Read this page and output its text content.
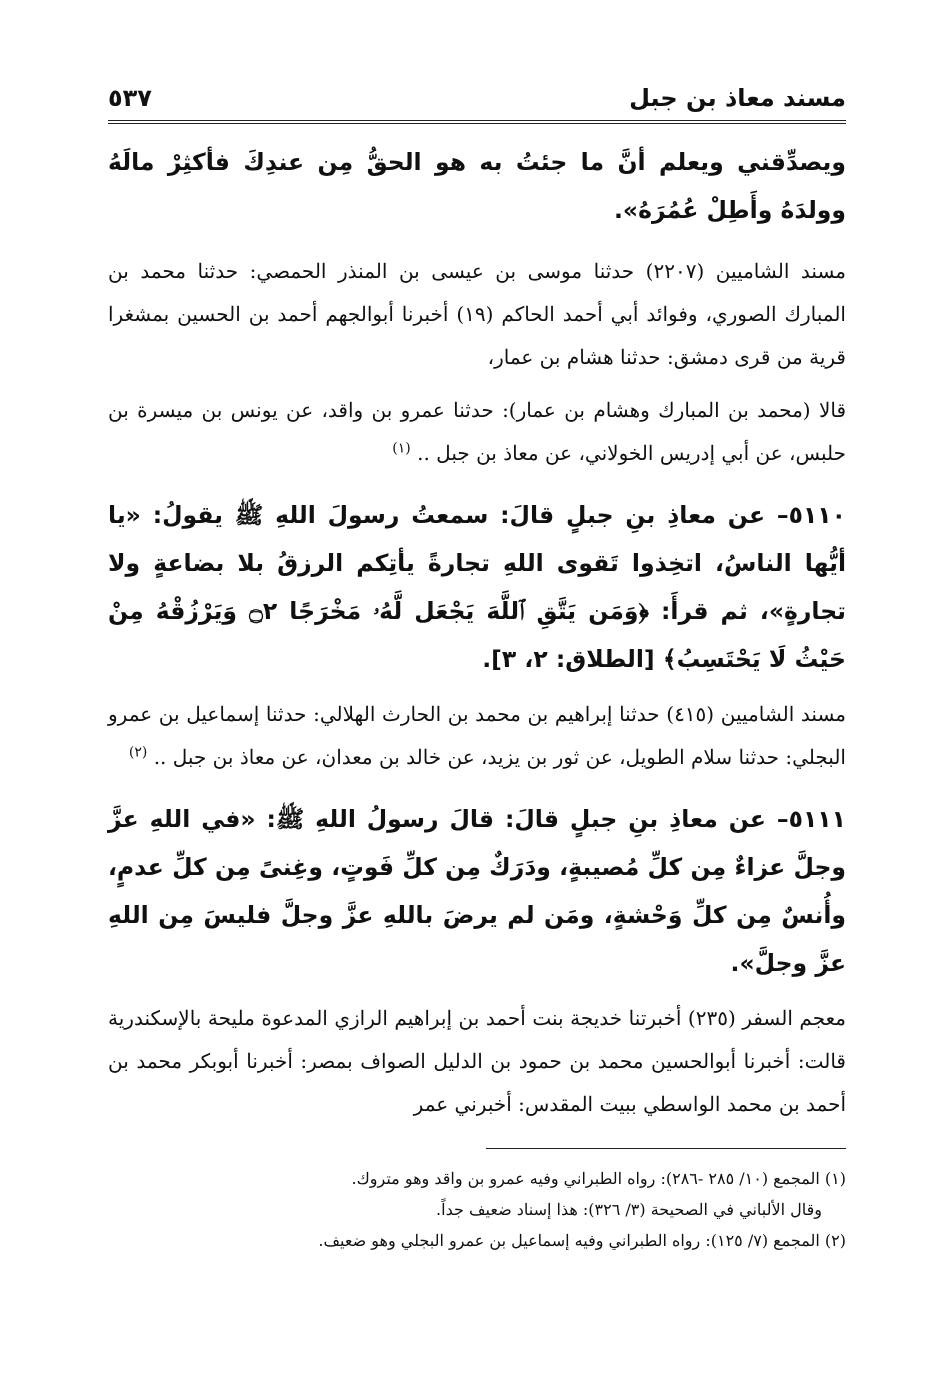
مسند معاذ بن جبل
٥٣٧

ويصدِّقني ويعلم أنَّ ما جئتُ به هو الحقُّ مِن عندِكَ فأكثِرْ مالَهُ وولدَهُ وأَطِلْ عُمُرَهُ».

مسند الشاميين (٢٢٠٧) حدثنا موسى بن عيسى بن المنذر الحمصي: حدثنا محمد بن المبارك الصوري، وفوائد أبي أحمد الحاكم (١٩) أخبرنا أبوالجهم أحمد بن الحسين بمشغرا قرية من قرى دمشق: حدثنا هشام بن عمار،

قالا (محمد بن المبارك وهشام بن عمار): حدثنا عمرو بن واقد، عن يونس بن ميسرة بن حلبس، عن أبي إدريس الخولاني، عن معاذ بن جبل .. $^{(١)}$

٥١١٠– عن معاذِ بنِ جبلٍ قالَ: سمعتُ رسولَ اللهِ ﷺ يقولُ: «يا أيُّها الناسُ، اتخِذوا تَقوى اللهِ تجارةً يأتِكم الرزقُ بلا بضاعةٍ ولا تجارةٍ»، ثم قرأَ: ﴿وَمَن يَتَّقِ ٱللَّهَ يَجْعَل لَّهُۥ مَخْرَجًا ۝٢ وَيَرْزُقْهُ مِنْ حَيْثُ لَا يَحْتَسِبُ﴾ [الطلاق: ٢، ٣].

مسند الشاميين (٤١٥) حدثنا إبراهيم بن محمد بن الحارث الهلالي: حدثنا إسماعيل بن عمرو البجلي: حدثنا سلام الطويل، عن ثور بن يزيد، عن خالد بن معدان، عن معاذ بن جبل .. $^{(٢)}$

٥١١١– عن معاذِ بنِ جبلٍ قالَ: قالَ رسولُ اللهِ ﷺ: «في اللهِ عزَّ وجلَّ عزاءٌ مِن كلِّ مُصيبةٍ، ودَرَكٌ مِن كلِّ فَوتٍ، وغِنىً مِن كلِّ عدمٍ، وأُنسٌ مِن كلِّ وَحْشةٍ، ومَن لم يرضَ باللهِ عزَّ وجلَّ فليسَ مِن اللهِ عزَّ وجلَّ».

معجم السفر (٢٣٥) أخبرتنا خديجة بنت أحمد بن إبراهيم الرازي المدعوة مليحة بالإسكندرية قالت: أخبرنا أبوالحسين محمد بن حمود بن الدليل الصواف بمصر: أخبرنا أبوبكر محمد بن أحمد بن محمد الواسطي ببيت المقدس: أخبرني عمر

(١) المجمع (١٠/ ٢٨٥ -٢٨٦): رواه الطبراني وفيه عمرو بن واقد وهو متروك.
وقال الألباني في الصحيحة (٣/ ٣٢٦): هذا إسناد ضعيف جداً.
(٢) المجمع (٧/ ١٢٥): رواه الطبراني وفيه إسماعيل بن عمرو البجلي وهو ضعيف.
